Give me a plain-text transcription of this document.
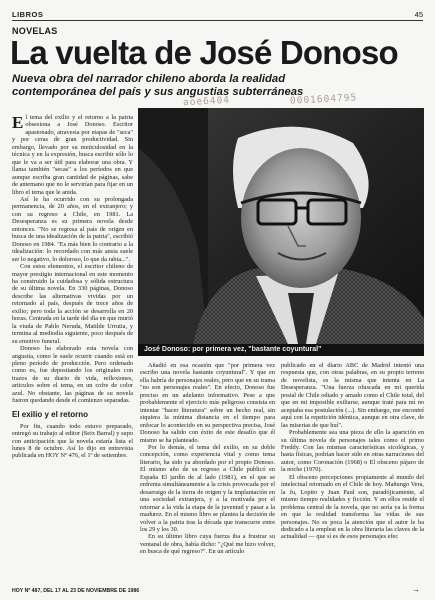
LIBROS	45
NOVELAS
La vuelta de José Donoso
Nueva obra del narrador chileno aborda la realidad contemporánea del país y sus angustias subterráneas
aoe6404	0001604795

El tema del exilio y el retorno a la patria obsesiona a José Donoso. Escritor apasionado, atravesia por etapas de "seca" y por ceras de gran productividad. Sin embargo, llevado por su meticulosidad en la técnica y en la expresión, busca escribir sólo lo que le va a ser útil para elaborar una obra. Y llama también "secas" a los períodos en que aunque escriba gran cantidad de páginas, sabe de antemano que no le servirían para fijar en un libro el tema que le anida.

Así le ha ocurrido con su prolongada permanencia, de 20 años, en el extranjero; y con su regreso a Chile, en 1981. La Desesperanza es su primera novela desde entonces. "No se regresa al país de origen en busca de una idealización de la patria", escribió Donoso en 1984. "Es más bien lo contrario a la idealización: lo recordado con más ansia suele ser lo negativo, lo doloroso, lo que da rabia...".

Con estos elementos, el escritor chileno de mayor prestigio internacional en este momento ha construido la cuidadosa y sólida estructura de su última novela. En 330 páginas, Donoso describe las alternativas vividas por un retornado al país, después de trece años de exilio; pero toda la acción se desarrolla en 20 horas. Centrada en la tarde del día en que murió la viuda de Pablo Neruda, Matilde Urrutia, y termina al mediodía siguiente, poco después de su emotivo funeral.

Donoso ha elaborado esta novela con angustia, como le suele ocurrir cuando está en pleno período de producción. Pero ordenado como es, fue depositando los originales con trazos de su diario de vida, reflexiones, articulos sobre el tema, en un cofre de color azul. No obstante, las páginas de su novela fueron quedando desde el comienzo separadas.

El exilio y el retorno

Por fin, cuando todo estuvo preparado, entregó su trabajo al editor (Seix Barral) y supo con anticipación que la novela estaría lista el lunes 8 de octubre. Así lo dijo en entrevista publicada en HOY Nº 476, el 1º de setiembre.

José Donoso: por primera vez, "bastante coyuntural"

Añadió en esa ocasión que "por primera vez escribo una novela bastante coyuntural". Y que en ella habría de personajes reales, pero que en su trama "no son personajes reales". En efecto, Donoso fue preciso en un adelanto informativo. Pese a que probablemente el ejercicio más peligroso consista en intentar "hacer literatura" sobre un hecho real, sin siquiera la mínima distancia en el tiempo para enfocar lo acontecido en su perspectiva precisa, José Donoso ha salido con éxito de este desafío que él mismo se ha planteado.

Por lo demás, el tema del exilio, en su doble concepción, como experiencia vital y como tema literario, ha sido ya abordado por el propio Donoso. El mismo año de su regreso a Chile publicó en España El jardín de al lado (1981), en el que se enfrenta simultáneamente a la crisis provocada por el desarraigo de la tierra de origen y la implantación en una sociedad extranjera, y a la motivada por el retornar a la vida la etapa de la juventud y pasar a la madurez. En el mismo libro se plantea la decisión de volver a la patria tras la década que transcurre entre los 29 y los 30.

En su último libro cuya fuerza iba a frustrar su ventanal de obra, había dicho: "¿Qué me hizo volver, en busca de qué regreso?". En un artículo

publicado en el diario ABC de Madrid intentó una respuesta que, con otras palabras, en su propio terreno de novelista, es la misma que intenta en La Desesperanza. "Una fuerza ofuscada en mi querida postal de Chile odiado y amado como el Chile total, del que en mi imposible exiliarse, aunque traté para mí no aceptaba esa postulación (...). Sin embargo, me encontré aquí con la repetición idéntica, aunque en otra clave, de las miserias de que huí".

Probablemente sea una pieza de ello la aparición en su última novela de personajes tales como el primo Freddy. Con las mismas características sicológicas, y hasta físicas, podrían hacer sido en otras narraciones del autor, como Coronación (1968) o El obsceno pájaro de la noche (1970).

El obsceno percepciones propiamente al mundo del intelectual retornado en el Chile de hoy. Mañungo Vera, la Ju, Lopito y Juan Paul son, paradójicamente, al mismo tiempo realidades y ficción. Y en ellos reside el problema central de la novela, que no sería ya la forma en que la realidad transforma las vidas de sus personajes. No es poca la atención que el autor le ha dedicado a la empleat en la obra literaria las claves de la actualidad — que sí es de esos personajes efec

HOY Nº 487, DEL 17 AL 23 DE NOVIEMBRE DE 1986	→
